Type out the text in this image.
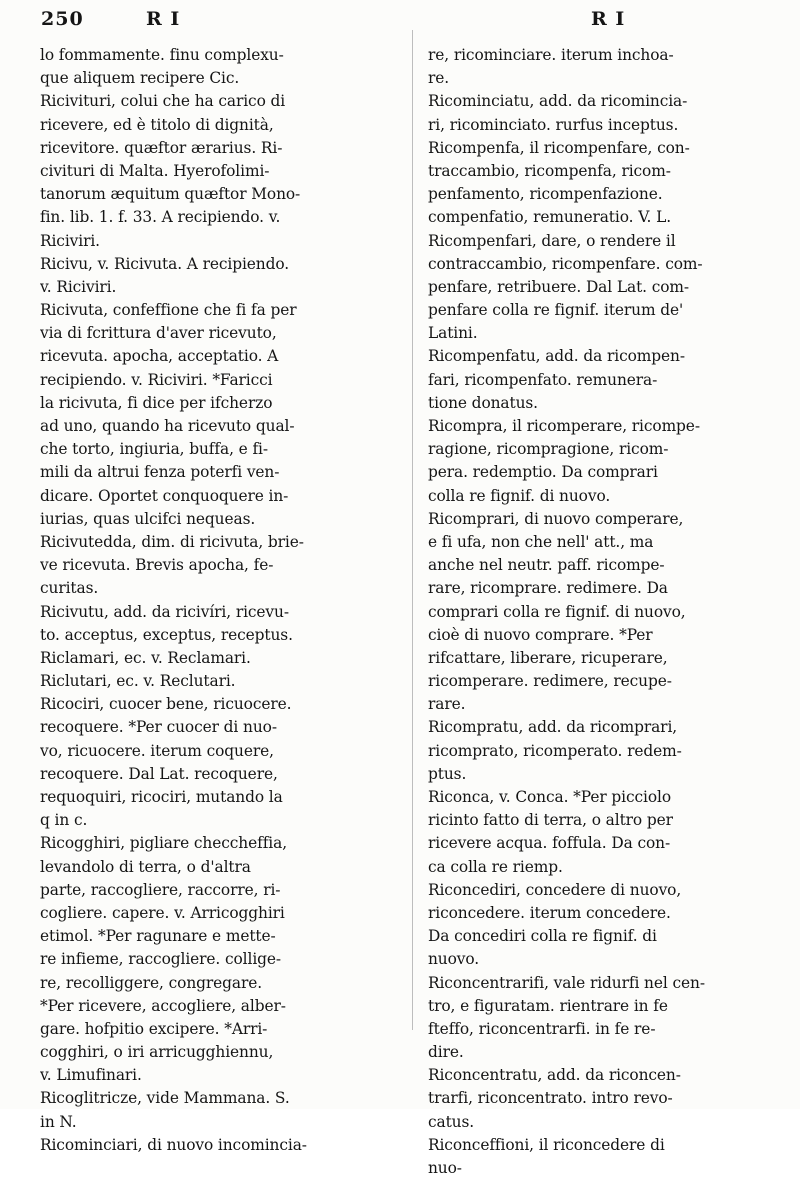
250	R I	R I
lo fommamente. finu complexu-
que aliquem recipere Cic.
Ricivituri, colui che ha carico di
ricevere, ed è titolo di dignità,
ricevitore. quæftor ærarius. Ri-
civituri di Malta. Hyerofolimi-
tanorum æquitum quæftor Mono-
fin. lib. 1. f. 33. A recipiendo. v.
Riciviri.
Ricivu, v. Ricivuta. A recipiendo.
v. Riciviri.
Ricivuta, confeffione che fi fa per
via di fcrittura d'aver ricevuto,
ricevuta. apocha, acceptatio. A
recipiendo. v. Riciviri. *Faricci
la ricivuta, fi dice per ifcherzo
ad uno, quando ha ricevuto qual-
che torto, ingiuria, buffa, e fi-
mili da altrui fenza poterfi ven-
dicare. Oportet conquoquere in-
iurias, quas ulcifci nequeas.
Ricivutedda, dim. di ricivuta, brie-
ve ricevuta. Brevis apocha, fe-
curitas.
Ricivutu, add. da ricivíri, ricevu-
to. acceptus, exceptus, receptus.
Riclamari, ec. v. Reclamari.
Riclutari, ec. v. Reclutari.
Ricociri, cuocer bene, ricuocere.
recoquere. *Per cuocer di nuo-
vo, ricuocere. iterum coquere,
recoquere. Dal Lat. recoquere,
requoquiri, ricociri, mutando la
q in c.
Ricogghiri, pigliare checcheffia,
levandolo di terra, o d'altra
parte, raccogliere, raccorre, ri-
cogliere. capere. v. Arricogghiri
etimol. *Per ragunare e mette-
re infieme, raccogliere. collige-
re, recolliggere, congregare.
*Per ricevere, accogliere, alber-
gare. hofpitio excipere. *Arri-
cogghiri, o iri arricugghiennu,
v. Limufinari.
Ricoglitricze, vide Mammana. S.
in N.
Ricominciari, di nuovo incomincia-
re, ricominciare. iterum inchoa-
re.
Ricominciatu, add. da ricomincia-
ri, ricominciato. rurfus inceptus.
Ricompenfa, il ricompenfare, con-
traccambio, ricompenfa, ricom-
penfamento, ricompenfazione.
compenfatio, remuneratio. V. L.
Ricompenfari, dare, o rendere il
contraccambio, ricompenfare. com-
penfare, retribuere. Dal Lat. com-
penfare colla re fignif. iterum de'
Latini.
Ricompenfatu, add. da ricompen-
fari, ricompenfato. remunera-
tione donatus.
Ricompra, il ricomperare, ricompe-
ragione, ricompragione, ricom-
pera. redemptio. Da comprari
colla re fignif. di nuovo.
Ricomprari, di nuovo comperare,
e fi ufa, non che nell' att., ma
anche nel neutr. paff. ricompe-
rare, ricomprare. redimere. Da
comprari colla re fignif. di nuovo,
cioè di nuovo comprare. *Per
rifcattare, liberare, ricuperare,
ricomperare. redimere, recupe-
rare.
Ricompratu, add. da ricomprari,
ricomprato, ricomperato. redem-
ptus.
Riconca, v. Conca. *Per picciolo
ricinto fatto di terra, o altro per
ricevere acqua. foffula. Da con-
ca colla re riemp.
Riconcediri, concedere di nuovo,
riconcedere. iterum concedere.
Da concediri colla re fignif. di
nuovo.
Riconcentrarifi, vale ridurfi nel cen-
tro, e figuratam. rientrare in fe
fteffo, riconcentrarfi. in fe re-
dire.
Riconcentratu, add. da riconcen-
trarfi, riconcentrato. intro revo-
catus.
Riconceffioni, il riconcedere di
nuo-
